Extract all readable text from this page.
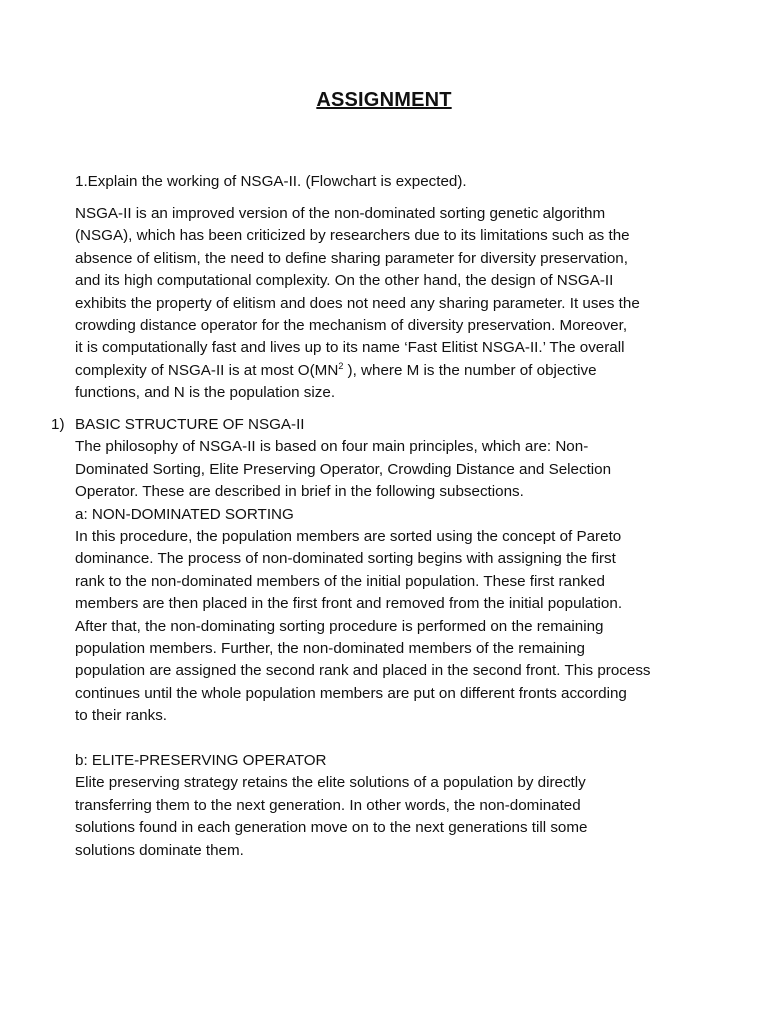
ASSIGNMENT
1.Explain the working of NSGA-II. (Flowchart is expected).
NSGA-II is an improved version of the non-dominated sorting genetic algorithm
(NSGA), which has been criticized by researchers due to its limitations such as the
absence of elitism, the need to define sharing parameter for diversity preservation,
and its high computational complexity. On the other hand, the design of NSGA-II
exhibits the property of elitism and does not need any sharing parameter. It uses the
crowding distance operator for the mechanism of diversity preservation. Moreover,
it is computationally fast and lives up to its name ‘Fast Elitist NSGA-II.’ The overall
complexity of NSGA-II is at most $O(MN^2$ ), where M is the number of objective
functions, and N is the population size.
1) BASIC STRUCTURE OF NSGA-II
The philosophy of NSGA-II is based on four main principles, which are: Non-
Dominated Sorting, Elite Preserving Operator, Crowding Distance and Selection
Operator. These are described in brief in the following subsections.
a: NON-DOMINATED SORTING
In this procedure, the population members are sorted using the concept of Pareto
dominance. The process of non-dominated sorting begins with assigning the first
rank to the non-dominated members of the initial population. These first ranked
members are then placed in the first front and removed from the initial population.
After that, the non-dominating sorting procedure is performed on the remaining
population members. Further, the non-dominated members of the remaining
population are assigned the second rank and placed in the second front. This process
continues until the whole population members are put on different fronts according
to their ranks.
b: ELITE-PRESERVING OPERATOR
Elite preserving strategy retains the elite solutions of a population by directly
transferring them to the next generation. In other words, the non-dominated
solutions found in each generation move on to the next generations till some
solutions dominate them.
